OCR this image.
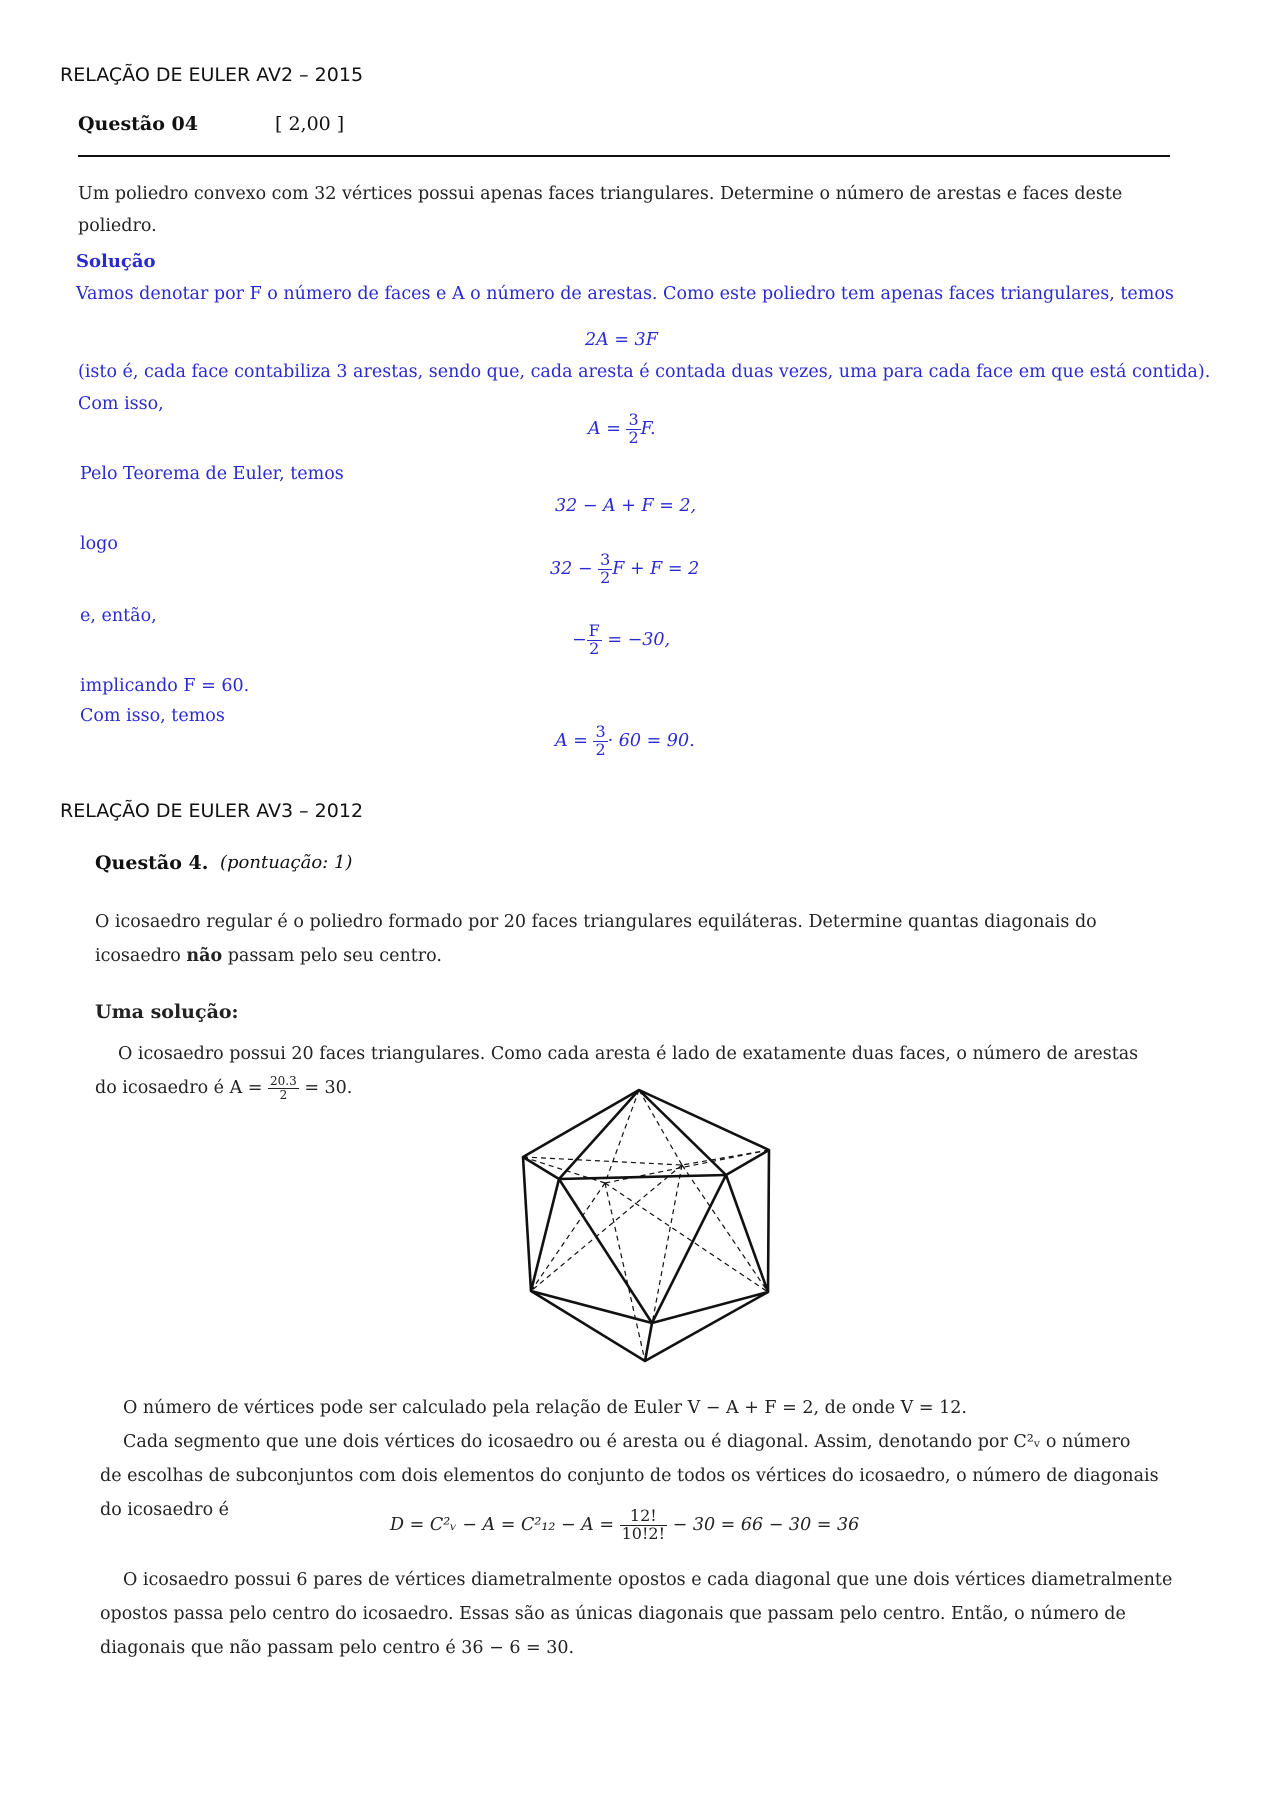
RELAÇÃO DE EULER AV2 – 2015
Questão 04	[ 2,00 ]
Um poliedro convexo com 32 vértices possui apenas faces triangulares. Determine o número de arestas e faces deste
poliedro.
Solução
Vamos denotar por F o número de faces e A o número de arestas. Como este poliedro tem apenas faces triangulares, temos
2A = 3F
(isto é, cada face contabiliza 3 arestas, sendo que, cada aresta é contada duas vezes, uma para cada face em que está contida).
Com isso,
$A = \frac{3}{2} F$.
Pelo Teorema de Euler, temos
32 − A + F = 2,
logo
$32 - \frac{3}{2}$ F + F = 2
e, então,
− $\frac{F}{2} = -30$,
implicando F = 60.
Com isso, temos
$A = \frac{3}{2} \cdot 60 = 90$.
RELAÇÃO DE EULER AV3 – 2012
Questão 4. (pontuação: 1)
O icosaedro regular é o poliedro formado por 20 faces triangulares equiláteras. Determine quantas diagonais do
icosaedro não passam pelo seu centro.
Uma solução:
O icosaedro possui 20 faces triangulares. Como cada aresta é lado de exatamente duas faces, o número de arestas
do icosaedro é $A = \frac{20.3}{2} = 30$.
O número de vértices pode ser calculado pela relação de Euler V − A + F = 2, de onde V = 12.
Cada segmento que une dois vértices do icosaedro ou é aresta ou é diagonal. Assim, denotando por C²ᵥ o número
de escolhas de subconjuntos com dois elementos do conjunto de todos os vértices do icosaedro, o número de diagonais
do icosaedro é
D = C²ᵥ − $A = C^2_{12} - A = \frac{12!}{10!2!} - 30 = 66 - 30 = 36$
O icosaedro possui 6 pares de vértices diametralmente opostos e cada diagonal que une dois vértices diametralmente
opostos passa pelo centro do icosaedro. Essas são as únicas diagonais que passam pelo centro. Então, o número de
diagonais que não passam pelo centro é 36 − 6 = 30.
